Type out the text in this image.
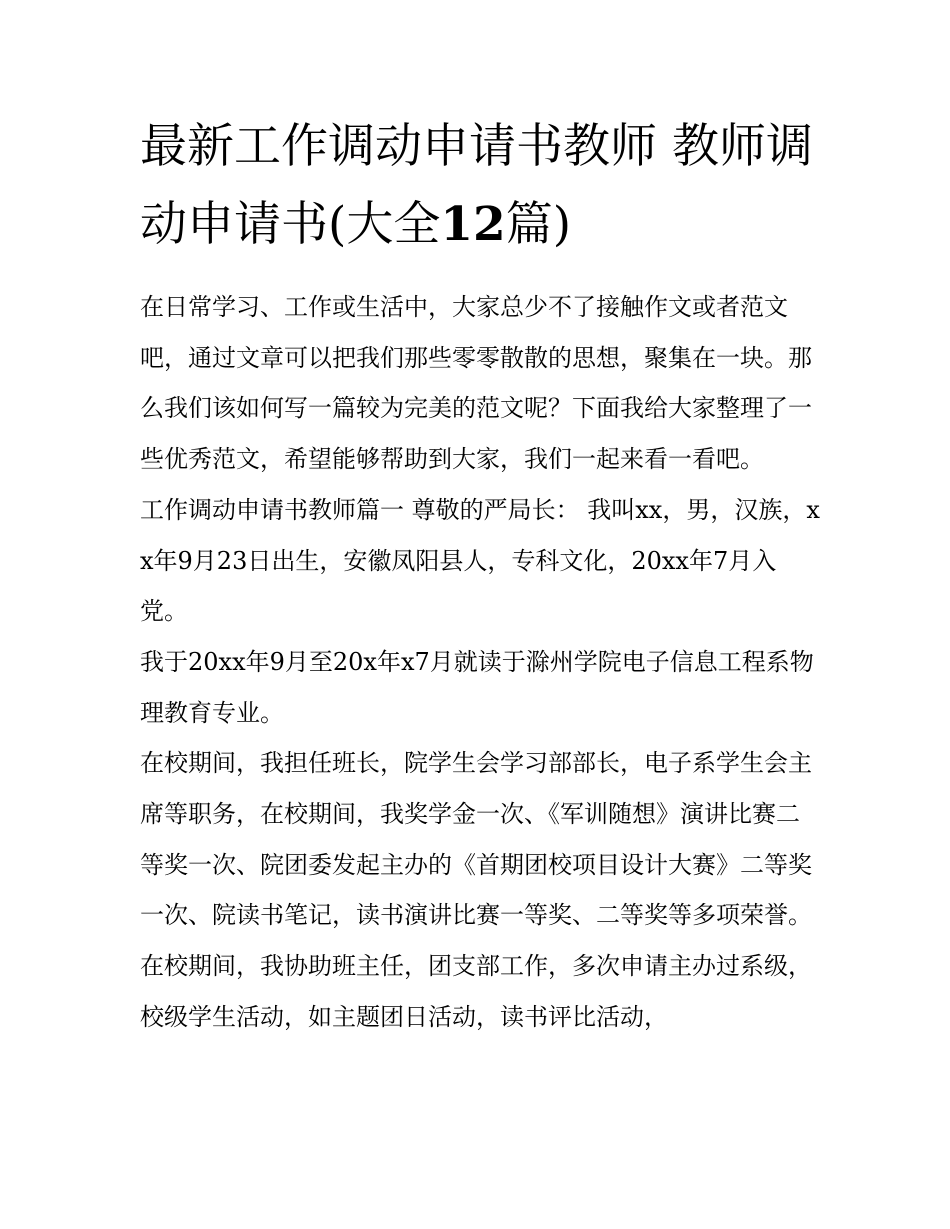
最新工作调动申请书教师 教师调动申请书(大全12篇)

在日常学习、工作或生活中，大家总少不了接触作文或者范文吧，通过文章可以把我们那些零零散散的思想，聚集在一块。那么我们该如何写一篇较为完美的范文呢？下面我给大家整理了一些优秀范文，希望能够帮助到大家，我们一起来看一看吧。

工作调动申请书教师篇一 尊敬的严局长： 我叫xx，男，汉族，xx年9月23日出生，安徽凤阳县人，专科文化，20xx年7月入党。

我于20xx年9月至20x年x7月就读于滁州学院电子信息工程系物理教育专业。

在校期间，我担任班长，院学生会学习部部长，电子系学生会主席等职务，在校期间，我奖学金一次、《军训随想》演讲比赛二等奖一次、院团委发起主办的《首期团校项目设计大赛》二等奖一次、院读书笔记，读书演讲比赛一等奖、二等奖等多项荣誉。在校期间，我协助班主任，团支部工作，多次申请主办过系级，校级学生活动，如主题团日活动，读书评比活动，
